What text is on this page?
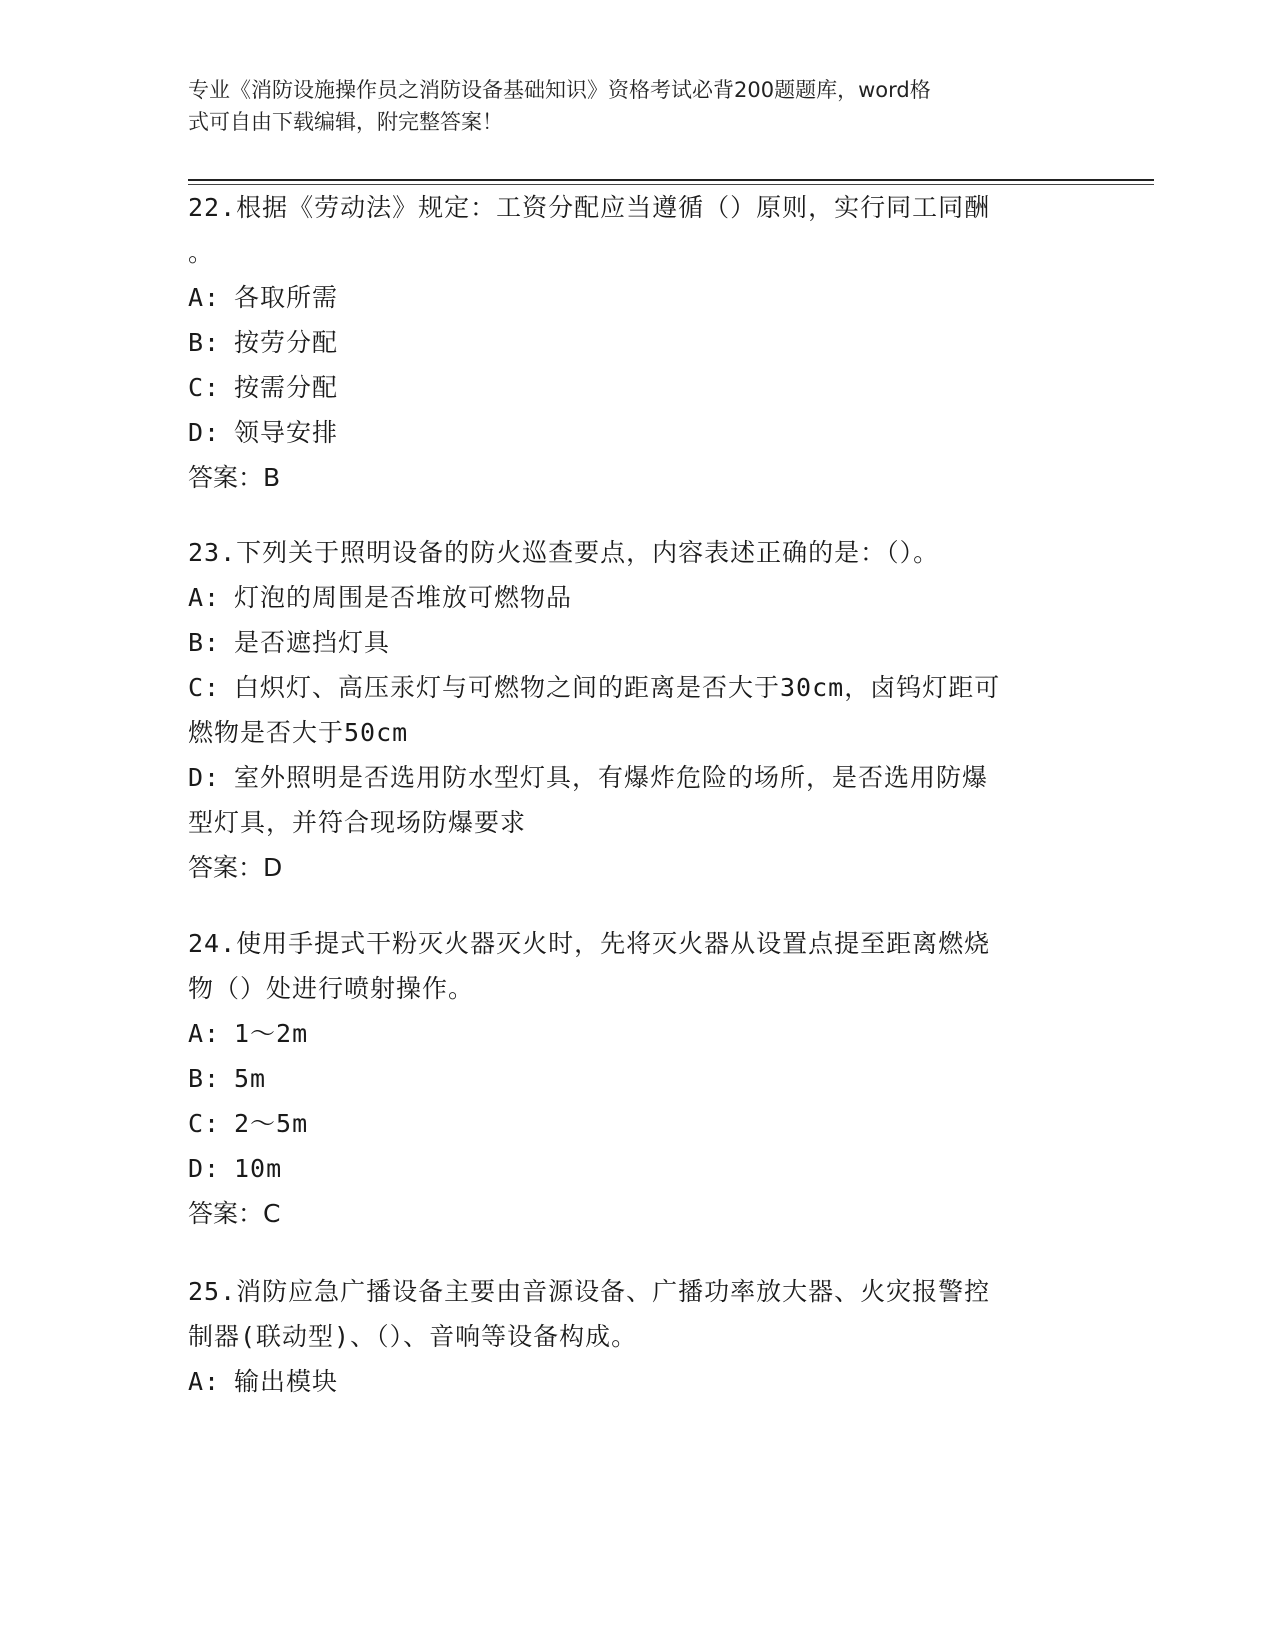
专业《消防设施操作员之消防设备基础知识》资格考试必背200题题库，word格
式可自由下载编辑，附完整答案！
22.根据《劳动法》规定：工资分配应当遵循（）原则，实行同工同酬
。
A: 各取所需
B: 按劳分配
C: 按需分配
D: 领导安排
答案：B
23.下列关于照明设备的防火巡查要点，内容表述正确的是：（）。
A: 灯泡的周围是否堆放可燃物品
B: 是否遮挡灯具
C: 白炽灯、高压汞灯与可燃物之间的距离是否大于30cm，卤钨灯距可
燃物是否大于50cm
D: 室外照明是否选用防水型灯具，有爆炸危险的场所，是否选用防爆
型灯具，并符合现场防爆要求
答案：D
24.使用手提式干粉灭火器灭火时，先将灭火器从设置点提至距离燃烧
物（）处进行喷射操作。
A: 1～2m
B: 5m
C: 2～5m
D: 10m
答案：C
25.消防应急广播设备主要由音源设备、广播功率放大器、火灾报警控
制器(联动型)、（）、音响等设备构成。
A: 输出模块
